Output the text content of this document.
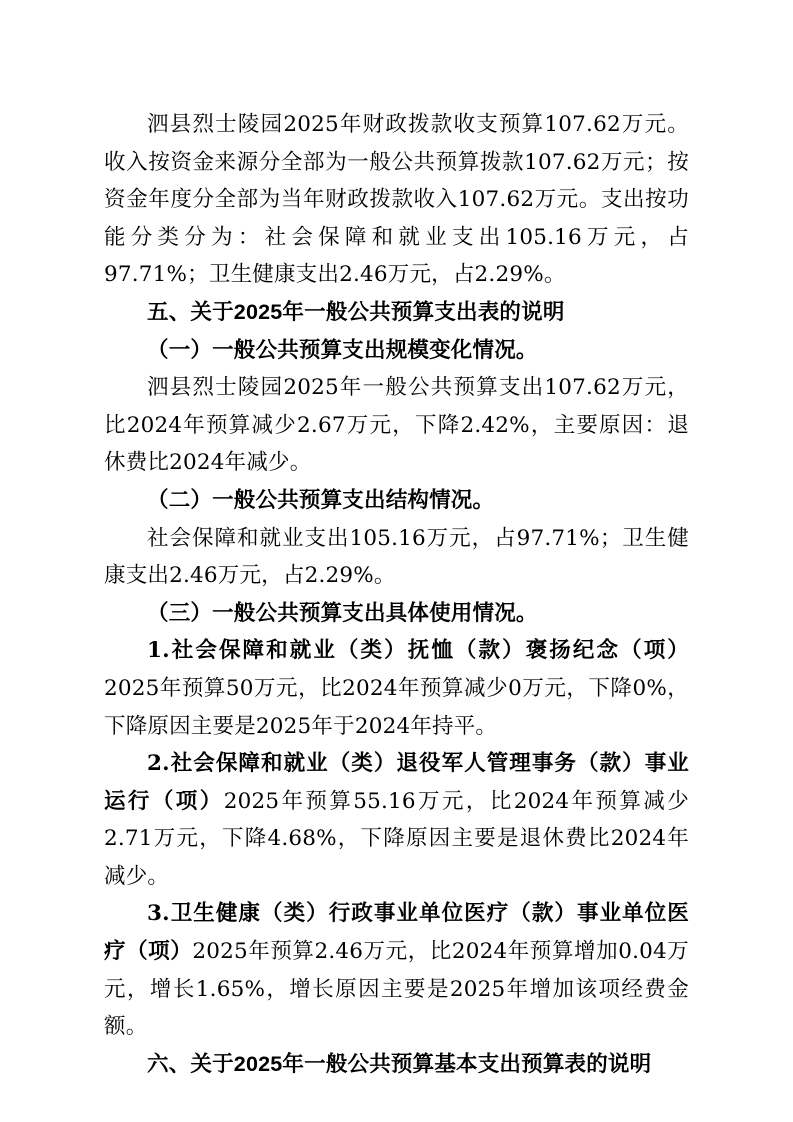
泗县烈士陵园2025年财政拨款收支预算107.62万元。收入按资金来源分全部为一般公共预算拨款107.62万元；按资金年度分全部为当年财政拨款收入107.62万元。支出按功能分类分为：社会保障和就业支出105.16万元，占97.71%；卫生健康支出2.46万元，占2.29%。

五、关于2025年一般公共预算支出表的说明

（一）一般公共预算支出规模变化情况。

泗县烈士陵园2025年一般公共预算支出107.62万元，比2024年预算减少2.67万元，下降2.42%，主要原因：退休费比2024年减少。

（二）一般公共预算支出结构情况。

社会保障和就业支出105.16万元，占97.71%；卫生健康支出2.46万元，占2.29%。

（三）一般公共预算支出具体使用情况。

1.社会保障和就业（类）抚恤（款）褒扬纪念（项）2025年预算50万元，比2024年预算减少0万元，下降0%，下降原因主要是2025年于2024年持平。

2.社会保障和就业（类）退役军人管理事务（款）事业运行（项）2025年预算55.16万元，比2024年预算减少2.71万元，下降4.68%，下降原因主要是退休费比2024年减少。

3.卫生健康（类）行政事业单位医疗（款）事业单位医疗（项）2025年预算2.46万元，比2024年预算增加0.04万元，增长1.65%，增长原因主要是2025年增加该项经费金额。

六、关于2025年一般公共预算基本支出预算表的说明
